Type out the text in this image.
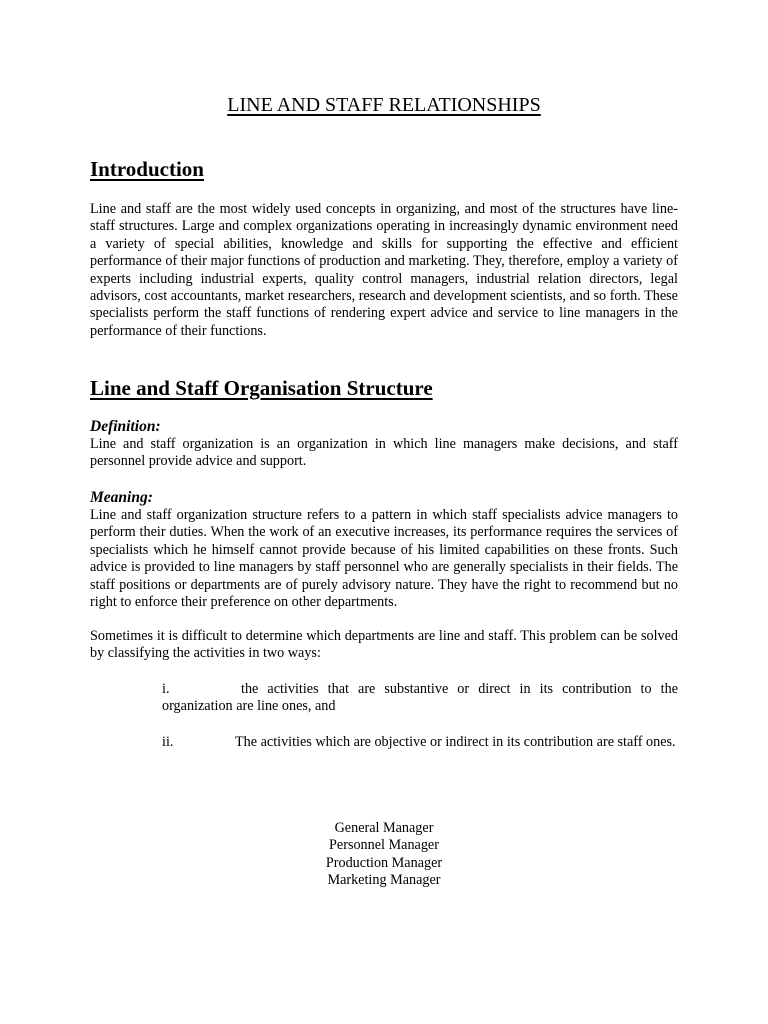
LINE AND STAFF RELATIONSHIPS
Introduction

Line and staff are the most widely used concepts in organizing, and most of the structures have line-staff structures. Large and complex organizations operating in increasingly dynamic environment need a variety of special abilities, knowledge and skills for supporting the effective and efficient performance of their major functions of production and marketing. They, therefore, employ a variety of experts including industrial experts, quality control managers, industrial relation directors, legal advisors, cost accountants, market researchers, research and development scientists, and so forth. These specialists perform the staff functions of rendering expert advice and service to line managers in the performance of their functions.

Line and Staff Organisation Structure
Definition:

Line and staff organization is an organization in which line managers make decisions, and staff personnel provide advice and support.

Meaning:

Line and staff organization structure refers to a pattern in which staff specialists advice managers to perform their duties. When the work of an executive increases, its performance requires the services of specialists which he himself cannot provide because of his limited capabilities on these fronts. Such advice is provided to line managers by staff personnel who are generally specialists in their fields. The staff positions or departments are of purely advisory nature. They have the right to recommend but no right to enforce their preference on other departments.

Sometimes it is difficult to determine which departments are line and staff. This problem can be solved by classifying the activities in two ways:

i.	the activities that are substantive or direct in its contribution to the organization are line ones, and

ii.	The activities which are objective or indirect in its contribution are staff ones.

General Manager
Personnel Manager
Production Manager
Marketing Manager
